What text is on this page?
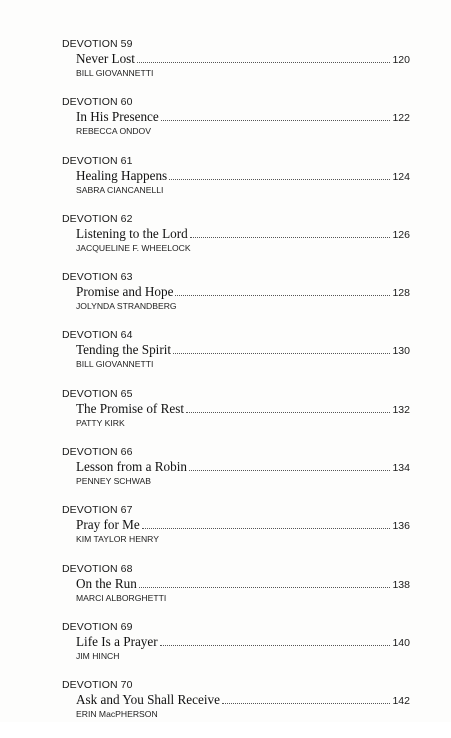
DEVOTION 59
Never Lost	120
BILL GIOVANNETTI
DEVOTION 60
In His Presence	122
REBECCA ONDOV
DEVOTION 61
Healing Happens	124
SABRA CIANCANELLI
DEVOTION 62
Listening to the Lord	126
JACQUELINE F. WHEELOCK
DEVOTION 63
Promise and Hope	128
JOLYNDA STRANDBERG
DEVOTION 64
Tending the Spirit	130
BILL GIOVANNETTI
DEVOTION 65
The Promise of Rest	132
PATTY KIRK
DEVOTION 66
Lesson from a Robin	134
PENNEY SCHWAB
DEVOTION 67
Pray for Me	136
KIM TAYLOR HENRY
DEVOTION 68
On the Run	138
MARCI ALBORGHETTI
DEVOTION 69
Life Is a Prayer	140
JIM HINCH
DEVOTION 70
Ask and You Shall Receive	142
ERIN MacPHERSON
